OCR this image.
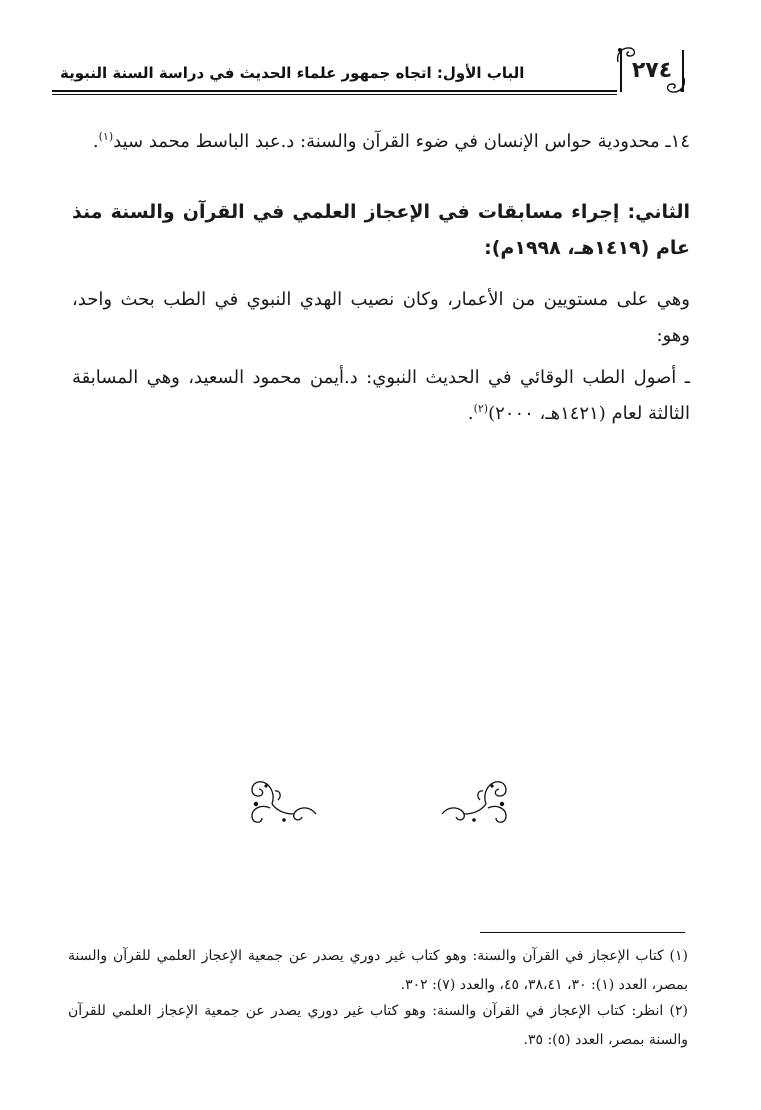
الباب الأول: اتجاه جمهور علماء الحديث في دراسة السنة النبوية	٢٧٤
١٤ـ محدودية حواس الإنسان في ضوء القرآن والسنة: د.عبد الباسط محمد سيد$^{(١)}$.
الثاني: إجراء مسابقات في الإعجاز العلمي في القرآن والسنة منذ عام (١٤١٩هـ، ١٩٩٨م):
وهي على مستويين من الأعمار، وكان نصيب الهدي النبوي في الطب بحث واحد، وهو:
ـ أصول الطب الوقائي في الحديث النبوي: د.أيمن محمود السعيد، وهي المسابقة الثالثة لعام (١٤٢١هـ، ٢٠٠٠)$^{(٢)}$.
(١) كتاب الإعجاز في القرآن والسنة: وهو كتاب غير دوري يصدر عن جمعية الإعجاز العلمي للقرآن والسنة بمصر، العدد (١): ٣٠، ٣٨،٤١، ٤٥، والعدد (٧): ٣٠٢.
(٢) انظر: كتاب الإعجاز في القرآن والسنة: وهو كتاب غير دوري يصدر عن جمعية الإعجاز العلمي للقرآن والسنة بمصر، العدد (٥): ٣٥.
